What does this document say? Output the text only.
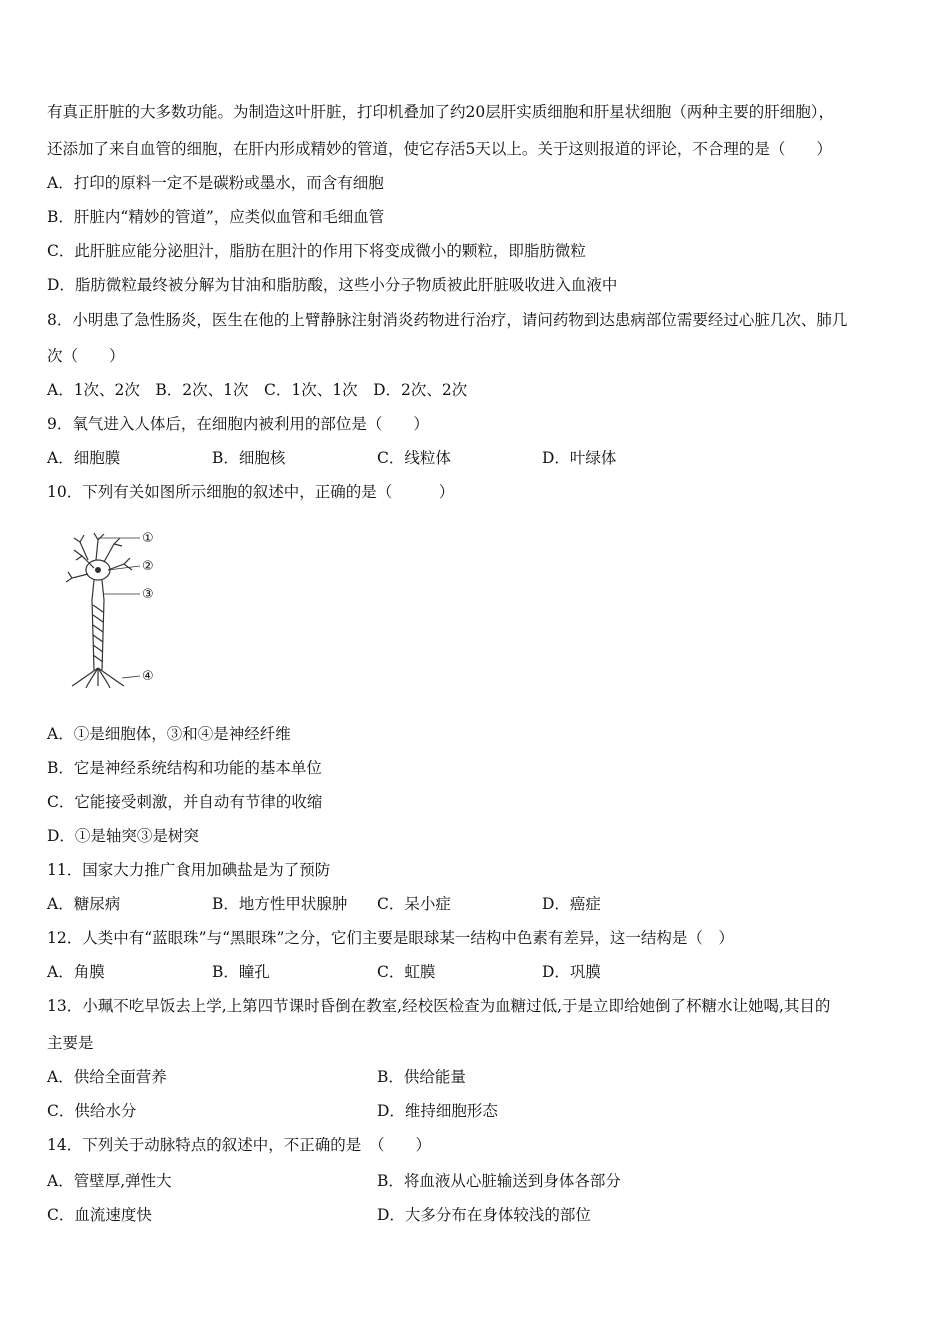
有真正肝脏的大多数功能。为制造这叶肝脏，打印机叠加了约20层肝实质细胞和肝星状细胞（两种主要的肝细胞），
还添加了来自血管的细胞，在肝内形成精妙的管道，使它存活5天以上。关于这则报道的评论，不合理的是（　　）
A．打印的原料一定不是碳粉或墨水，而含有细胞
B．肝脏内“精妙的管道”，应类似血管和毛细血管
C．此肝脏应能分泌胆汁，脂肪在胆汁的作用下将变成微小的颗粒，即脂肪微粒
D．脂肪微粒最终被分解为甘油和脂肪酸，这些小分子物质被此肝脏吸收进入血液中
8．小明患了急性肠炎，医生在他的上臂静脉注射消炎药物进行治疗，请问药物到达患病部位需要经过心脏几次、肺几
次（　　）
A．1次、2次　B．2次、1次　C．1次、1次　D．2次、2次
9．氧气进入人体后，在细胞内被利用的部位是（　　）
A．细胞膜	B．细胞核	C．线粒体	D．叶绿体
10．下列有关如图所示细胞的叙述中，正确的是（　　　）
①
②
③
④
A．①是细胞体，③和④是神经纤维
B．它是神经系统结构和功能的基本单位
C．它能接受刺激，并自动有节律的收缩
D．①是轴突③是树突
11．国家大力推广食用加碘盐是为了预防
A．糖尿病	B．地方性甲状腺肿 C．呆小症	D．癌症
12．人类中有“蓝眼珠”与“黑眼珠”之分，它们主要是眼球某一结构中色素有差异，这一结构是（　）
A．角膜	B．瞳孔	C．虹膜	D．巩膜
13．小珮不吃早饭去上学,上第四节课时昏倒在教室,经校医检查为血糖过低,于是立即给她倒了杯糖水让她喝,其目的
主要是
A．供给全面营养	B．供给能量
C．供给水分	D．维持细胞形态
14．下列关于动脉特点的叙述中，不正确的是　（　　）
A．管壁厚,弹性大	B．将血液从心脏输送到身体各部分
C．血流速度快	D．大多分布在身体较浅的部位
